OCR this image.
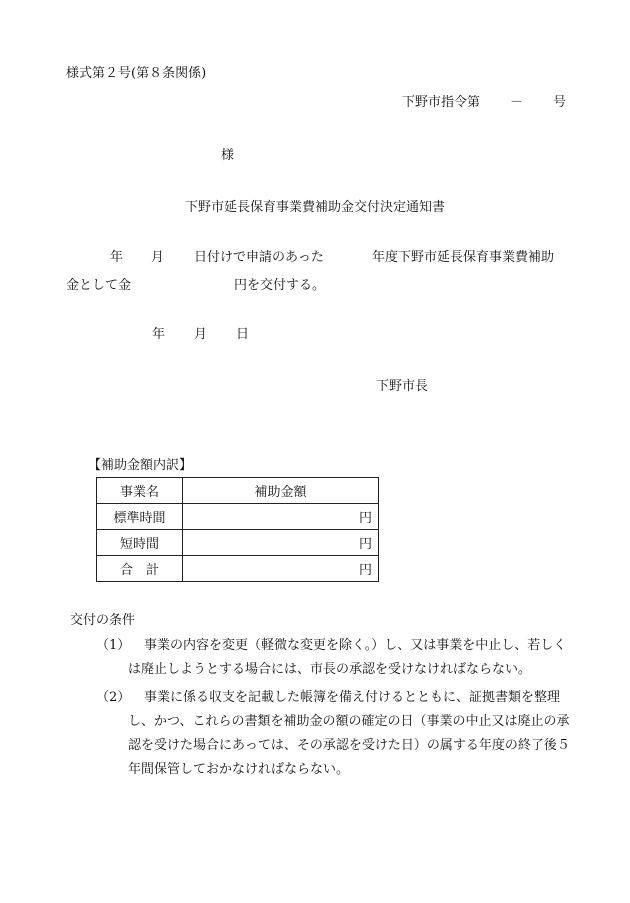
様式第２号(第８条関係)
下野市指令第 － 号
様
下野市延長保育事業費補助金交付決定通知書
年 月 日付けで申請のあった	年度下野市延長保育事業費補助
金として金	円を交付する。
年 月 日
下野市長
【補助金額内訳】
事業名	補助金額
標準時間	円
短時間	円
合　計	円
交付の条件
（1）	事業の内容を変更（軽微な変更を除く。）し、又は事業を中止し、若しくは廃止しようとする場合には、市長の承認を受けなければならない。
（2）	事業に係る収支を記載した帳簿を備え付けるとともに、証拠書類を整理し、かつ、これらの書類を補助金の額の確定の日（事業の中止又は廃止の承認を受けた場合にあっては、その承認を受けた日）の属する年度の終了後５年間保管しておかなければならない。
